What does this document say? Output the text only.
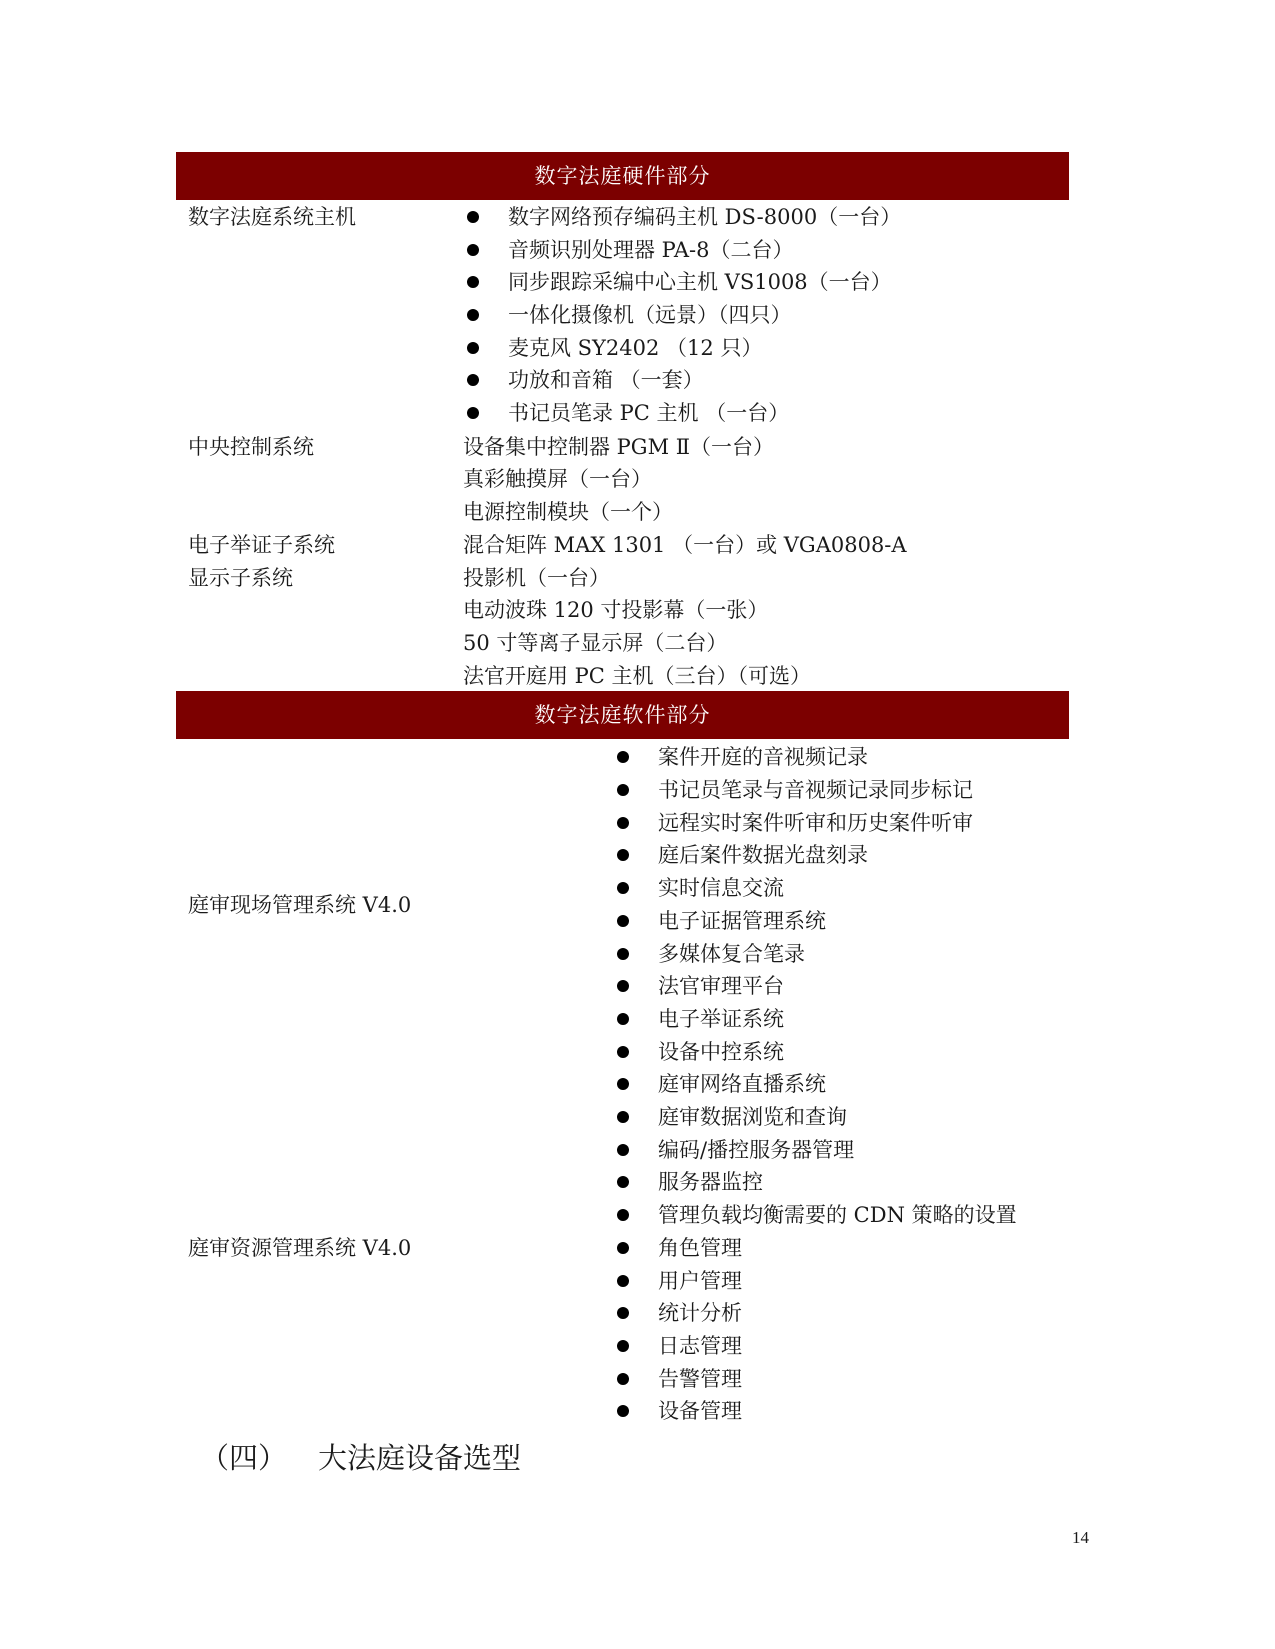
数字法庭硬件部分
数字法庭系统主机
中央控制系统
电子举证子系统
显示子系统
数字网络预存编码主机 DS-8000（一台）
音频识别处理器 PA-8（二台）
同步跟踪采编中心主机 VS1008（一台）
一体化摄像机（远景）（四只）
麦克风 SY2402 （12 只）
功放和音箱 （一套）
书记员笔录 PC 主机 （一台）
设备集中控制器 PGM Ⅱ（一台）
真彩触摸屏（一台）
电源控制模块（一个）
混合矩阵 MAX 1301 （一台）或 VGA0808-A
投影机（一台）
电动波珠 120 寸投影幕（一张）
50 寸等离子显示屏（二台）
法官开庭用 PC 主机（三台）（可选）
数字法庭软件部分
庭审现场管理系统 V4.0
庭审资源管理系统 V4.0
案件开庭的音视频记录
书记员笔录与音视频记录同步标记
远程实时案件听审和历史案件听审
庭后案件数据光盘刻录
实时信息交流
电子证据管理系统
多媒体复合笔录
法官审理平台
电子举证系统
设备中控系统
庭审网络直播系统
庭审数据浏览和查询
编码/播控服务器管理
服务器监控
管理负载均衡需要的 CDN 策略的设置
角色管理
用户管理
统计分析
日志管理
告警管理
设备管理
（四） 大法庭设备选型
14
